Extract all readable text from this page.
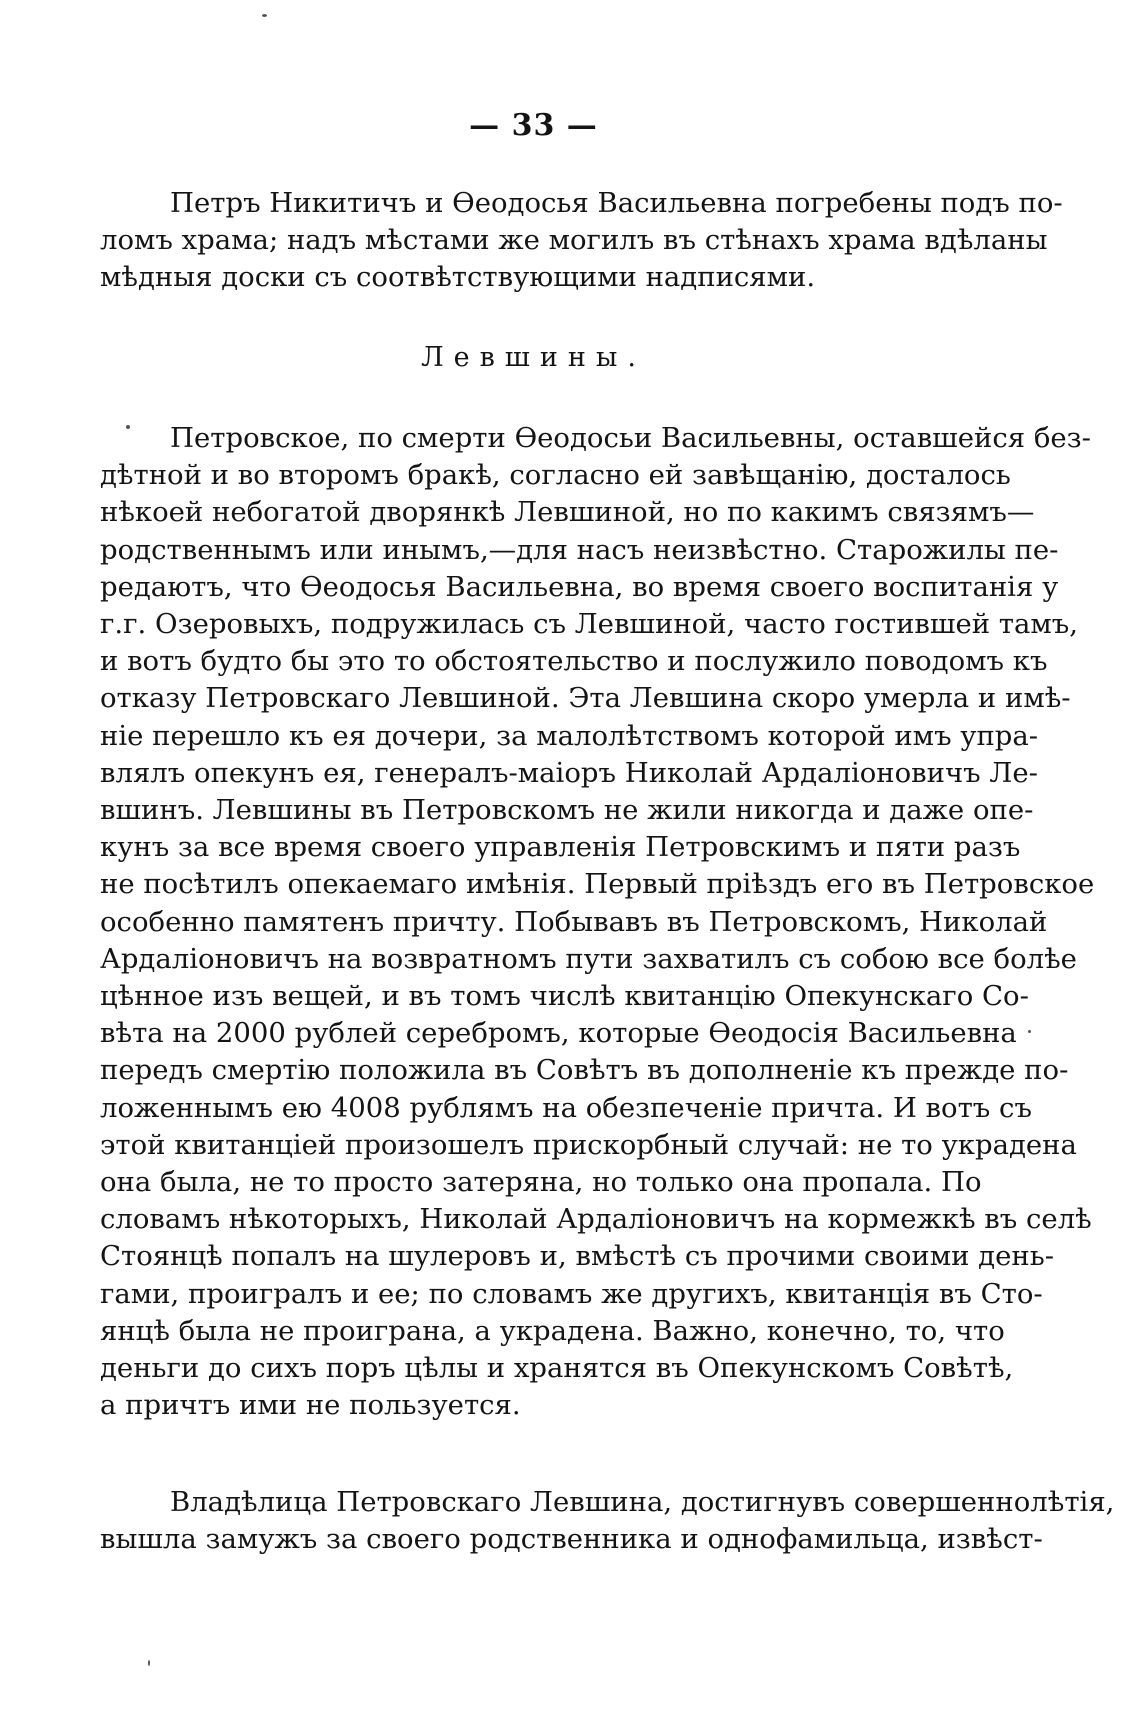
— 33 —
Петръ Никитичъ и Ѳеодосья Васильевна погребены подъ по-
ломъ храма; надъ мѣстами же могилъ въ стѣнахъ храма вдѣланы
мѣдныя доски съ соотвѣтствующими надписями.
Левшины.
Петровское, по смерти Ѳеодосьи Васильевны, оставшейся без-
дѣтной и во второмъ бракѣ, согласно ей завѣщанію, досталось
нѣкоей небогатой дворянкѣ Левшиной, но по какимъ связямъ—
родственнымъ или инымъ,—для насъ неизвѣстно. Старожилы пе-
редаютъ, что Ѳеодосья Васильевна, во время своего воспитанія у
г.г. Озеровыхъ, подружилась съ Левшиной, часто гостившей тамъ,
и вотъ будто бы это то обстоятельство и послужило поводомъ къ
отказу Петровскаго Левшиной. Эта Левшина скоро умерла и имѣ-
ніе перешло къ ея дочери, за малолѣтствомъ которой имъ упра-
влялъ опекунъ ея, генералъ-маіоръ Николай Ардаліоновичъ Ле-
вшинъ. Левшины въ Петровскомъ не жили никогда и даже опе-
кунъ за все время своего управленія Петровскимъ и пяти разъ
не посѣтилъ опекаемаго имѣнія. Первый пріѣздъ его въ Петровское
особенно памятенъ причту. Побывавъ въ Петровскомъ, Николай
Ардаліоновичъ на возвратномъ пути захватилъ съ собою все болѣе
цѣнное изъ вещей, и въ томъ числѣ квитанцію Опекунскаго Со-
вѣта на 2000 рублей серебромъ, которые Ѳеодосія Васильевна
передъ смертію положила въ Совѣтъ въ дополненіе къ прежде по-
ложеннымъ ею 4008 рублямъ на обезпеченіе причта. И вотъ съ
этой квитанціей произошелъ прискорбный случай: не то украдена
она была, не то просто затеряна, но только она пропала. По
словамъ нѣкоторыхъ, Николай Ардаліоновичъ на кормежкѣ въ селѣ
Стоянцѣ попалъ на шулеровъ и, вмѣстѣ съ прочими своими день-
гами, проигралъ и ее; по словамъ же другихъ, квитанція въ Сто-
янцѣ была не проиграна, а украдена. Важно, конечно, то, что
деньги до сихъ поръ цѣлы и хранятся въ Опекунскомъ Совѣтѣ,
а причтъ ими не пользуется.
Владѣлица Петровскаго Левшина, достигнувъ совершеннолѣтія,
вышла замужъ за своего родственника и однофамильца, извѣст-
